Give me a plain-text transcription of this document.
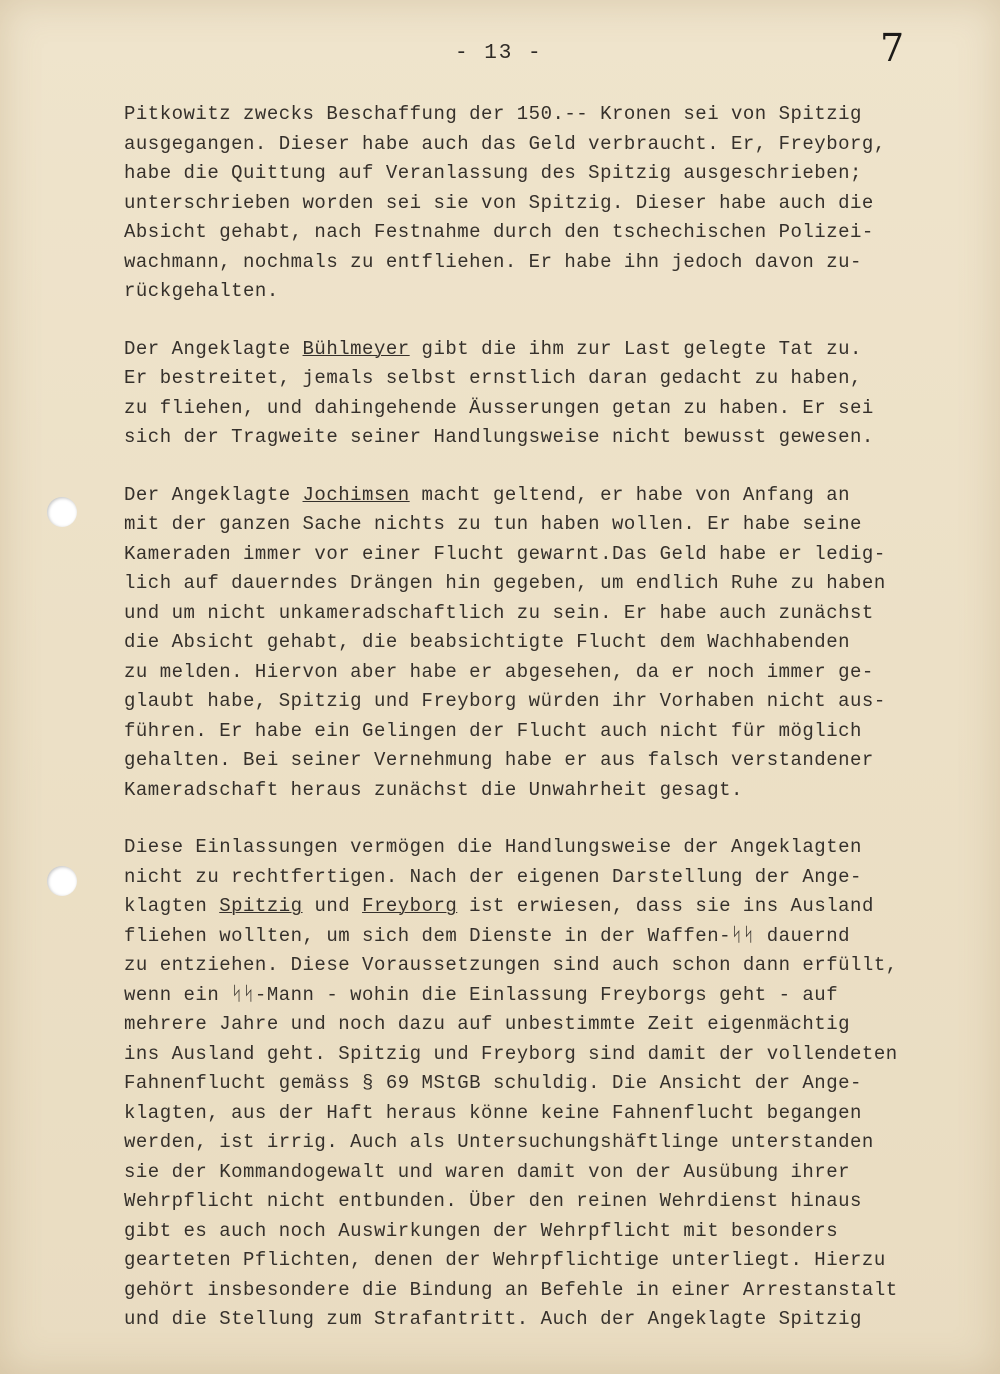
- 13 -	7
Pitkowitz zwecks Beschaffung der 150.-- Kronen sei von Spitzig
ausgegangen. Dieser habe auch das Geld verbraucht. Er, Freyborg,
habe die Quittung auf Veranlassung des Spitzig ausgeschrieben;
unterschrieben worden sei sie von Spitzig. Dieser habe auch die
Absicht gehabt, nach Festnahme durch den tschechischen Polizei-
wachmann, nochmals zu entfliehen. Er habe ihn jedoch davon zu-
rückgehalten.
Der Angeklagte Bühlmeyer gibt die ihm zur Last gelegte Tat zu.
Er bestreitet, jemals selbst ernstlich daran gedacht zu haben,
zu fliehen, und dahingehende Äusserungen getan zu haben. Er sei
sich der Tragweite seiner Handlungsweise nicht bewusst gewesen.
Der Angeklagte Jochimsen macht geltend, er habe von Anfang an
mit der ganzen Sache nichts zu tun haben wollen. Er habe seine
Kameraden immer vor einer Flucht gewarnt.Das Geld habe er ledig-
lich auf dauerndes Drängen hin gegeben, um endlich Ruhe zu haben
und um nicht unkameradschaftlich zu sein. Er habe auch zunächst
die Absicht gehabt, die beabsichtigte Flucht dem Wachhabenden
zu melden. Hiervon aber habe er abgesehen, da er noch immer ge-
glaubt habe, Spitzig und Freyborg würden ihr Vorhaben nicht aus-
führen. Er habe ein Gelingen der Flucht auch nicht für möglich
gehalten. Bei seiner Vernehmung habe er aus falsch verstandener
Kameradschaft heraus zunächst die Unwahrheit gesagt.
Diese Einlassungen vermögen die Handlungsweise der Angeklagten
nicht zu rechtfertigen. Nach der eigenen Darstellung der Ange-
klagten Spitzig und Freyborg ist erwiesen, dass sie ins Ausland
fliehen wollten, um sich dem Dienste in der Waffen-ᛋᛋ dauernd
zu entziehen. Diese Voraussetzungen sind auch schon dann erfüllt,
wenn ein ᛋᛋ-Mann - wohin die Einlassung Freyborgs geht - auf
mehrere Jahre und noch dazu auf unbestimmte Zeit eigenmächtig
ins Ausland geht. Spitzig und Freyborg sind damit der vollendeten
Fahnenflucht gemäss § 69 MStGB schuldig. Die Ansicht der Ange-
klagten, aus der Haft heraus könne keine Fahnenflucht begangen
werden, ist irrig. Auch als Untersuchungshäftlinge unterstanden
sie der Kommandogewalt und waren damit von der Ausübung ihrer
Wehrpflicht nicht entbunden. Über den reinen Wehrdienst hinaus
gibt es auch noch Auswirkungen der Wehrpflicht mit besonders
gearteten Pflichten, denen der Wehrpflichtige unterliegt. Hierzu
gehört insbesondere die Bindung an Befehle in einer Arrestanstalt
und die Stellung zum Strafantritt. Auch der Angeklagte Spitzig
